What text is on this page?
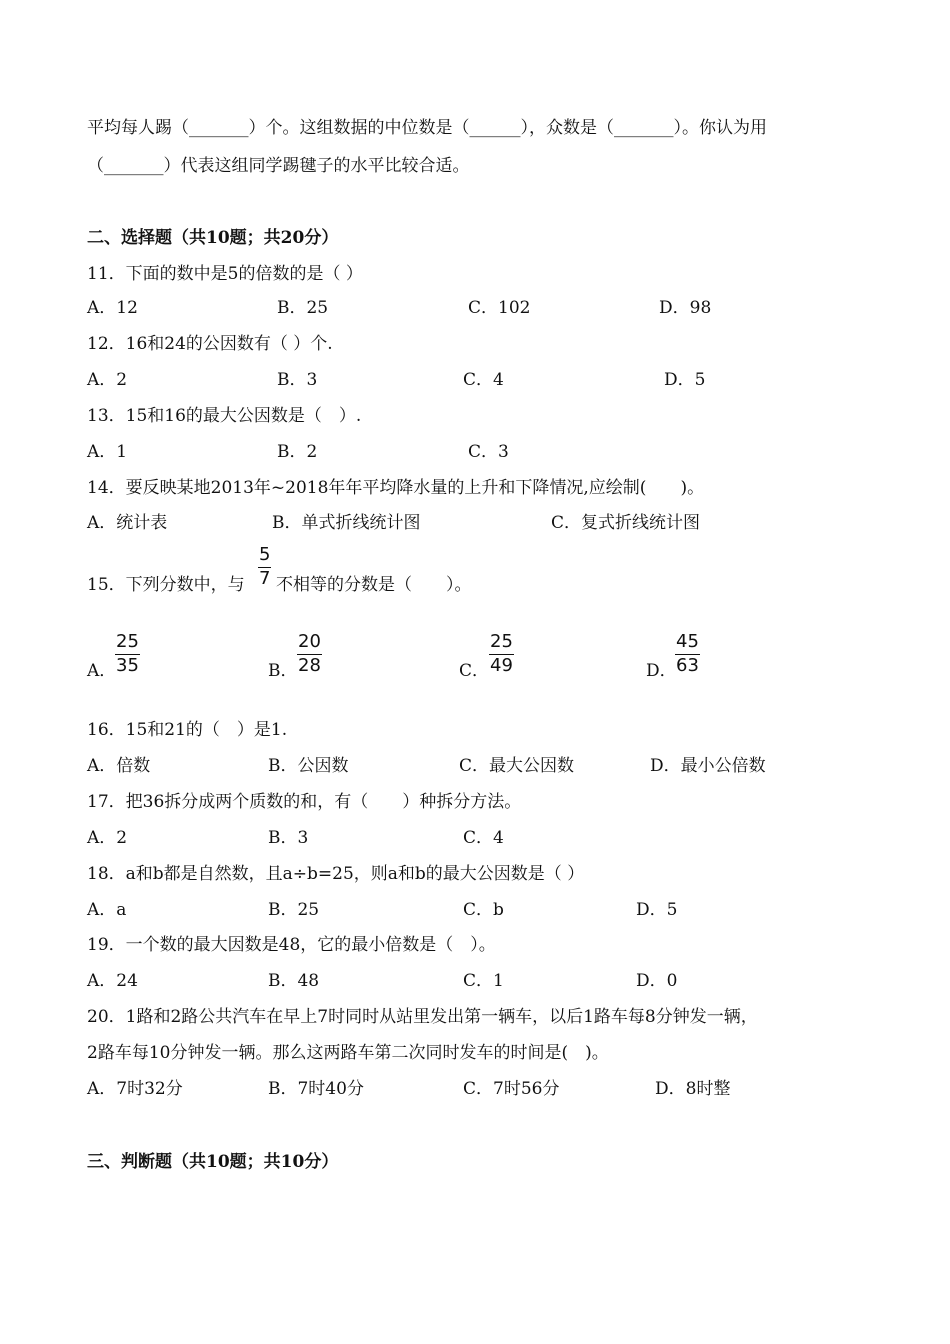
平均每人踢（_______）个。这组数据的中位数是（______），众数是（_______）。你认为用
（_______）代表这组同学踢毽子的水平比较合适。
二、选择题（共10题；共20分）
11．下面的数中是5的倍数的是（ ）
A．12	B．25	C．102	D．98
12．16和24的公因数有（ ）个.
A．2	B．3	C．4	D．5
13．15和16的最大公因数是（　）.
A．1	B．2	C．3
14．要反映某地2013年~2018年年平均降水量的上升和下降情况,应绘制(　　)。
A．统计表	B．单式折线统计图	C．复式折线统计图
15．下列分数中，与
5
7 不相等的分数是（　　）。
A．
25
35	B．
20
28	C．
25
49	D．
45
63
16．15和21的（　）是1.
A．倍数	B．公因数	C．最大公因数	D．最小公倍数
17．把36拆分成两个质数的和，有（　　）种拆分方法。
A．2	B．3	C．4
18．a和b都是自然数，且a÷b=25，则a和b的最大公因数是（ ）
A．a	B．25	C．b	D．5
19．一个数的最大因数是48，它的最小倍数是（　）。
A．24	B．48	C．1	D．0
20．1路和2路公共汽车在早上7时同时从站里发出第一辆车，以后1路车每8分钟发一辆，
2路车每10分钟发一辆。那么这两路车第二次同时发车的时间是(　)。
A．7时32分	B．7时40分	C．7时56分	D．8时整
三、判断题（共10题；共10分）
